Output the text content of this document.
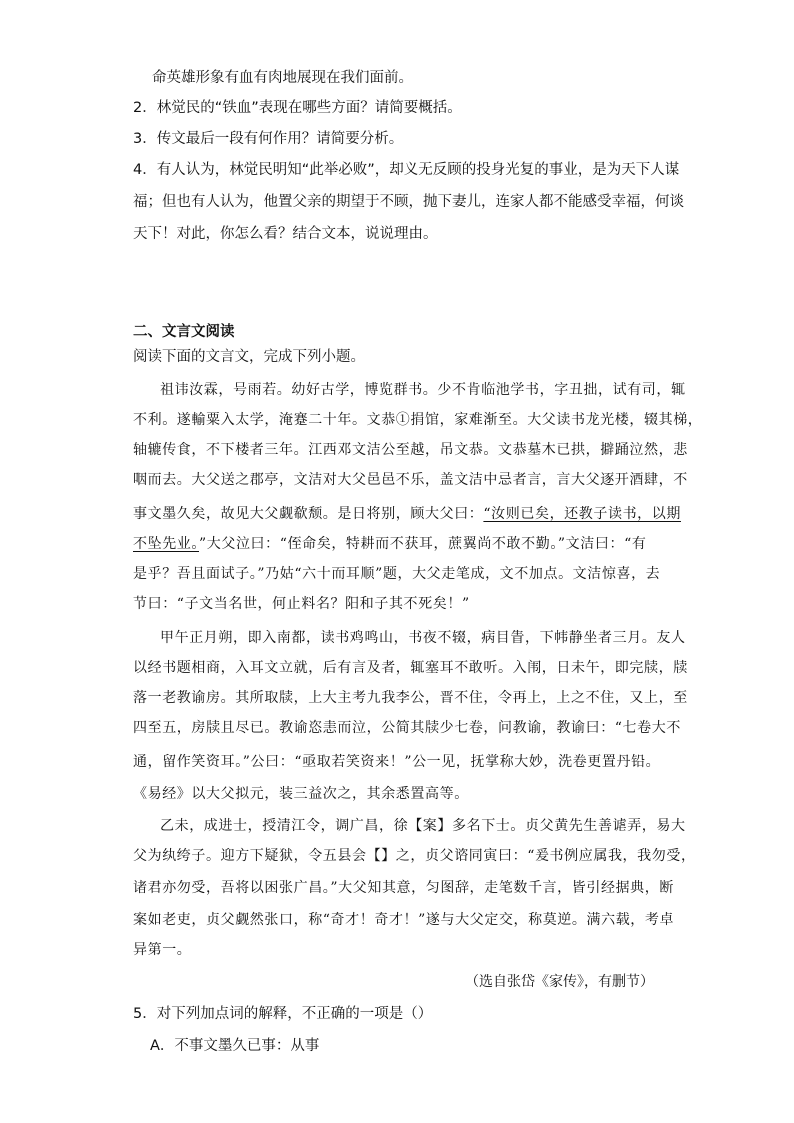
命英雄形象有血有肉地展现在我们面前。
2．林觉民的“铁血”表现在哪些方面？请简要概括。
3．传文最后一段有何作用？请简要分析。
4．有人认为，林觉民明知“此举必败”，却义无反顾的投身光复的事业，是为天下人谋
福；但也有人认为，他置父亲的期望于不顾，抛下妻儿，连家人都不能感受幸福，何谈
天下！对此，你怎么看？结合文本，说说理由。
二、文言文阅读
阅读下面的文言文，完成下列小题。
祖讳汝霖，号雨若。幼好古学，博览群书。少不肯临池学书，字丑拙，试有司，辄
不利。遂輸粟入太学，淹蹇二十年。文恭①捐馆，家难渐至。大父读书龙光楼，辍其梯，
轴辘传食，不下楼者三年。江西邓文洁公至越，吊文恭。文恭墓木已拱，擗踊泣然，悲
咽而去。大父送之郡亭，文洁对大父邑邑不乐，盖文洁中忌者言，言大父逐开酒肆，不
事文墨久矣，故见大父觑欷颓。是日将别，顾大父曰：“汝则已矣，还教子读书，以期
不坠先业。”大父泣曰：“侄命矣，特耕而不获耳，蔗翼尚不敢不勤。”文洁曰：“有
是乎？吾且面试子。”乃姑“六十而耳顺”题，大父走笔成，文不加点。文洁惊喜，去
节曰：“子文当名世，何止料名？阳和子其不死矣！”
甲午正月朔，即入南都，读书鸡鸣山，书夜不辍，病目眚，下帏静坐者三月。友人
以经书题相商，入耳文立就，后有言及者，辄塞耳不敢听。入闱，日未午，即完牍，牍
落一老教谕房。其所取牍，上大主考九我李公，晋不住，令再上，上之不住，又上，至
四至五，房牍且尽已。教谕恣恚而泣，公简其牍少七卷，问教谕，教谕曰：“七卷大不
通，留作笑资耳。”公曰：“亟取若笑资来！”公一见，抚掌称大妙，洗卷更置丹铅。
《易经》以大父拟元，装三益次之，其余悉置高等。
乙未，成进士，授清江令，调广昌，徐【案】多名下士。贞父黄先生善谑弄，易大
父为纨绔子。迎方下疑狱，令五县会【】之，贞父谘同寅曰：“爰书例应属我，我勿受，
诸君亦勿受，吾将以困张广昌。”大父知其意，匀图辞，走笔数千言，皆引经据典，断
案如老吏，贞父觑然张口，称“奇才！奇才！”遂与大父定交，称莫逆。满六载，考卓
异第一。
（选自张岱《家传》，有删节）
5．对下列加点词的解释，不正确的一项是（）
A．不事文墨久已事：从事
